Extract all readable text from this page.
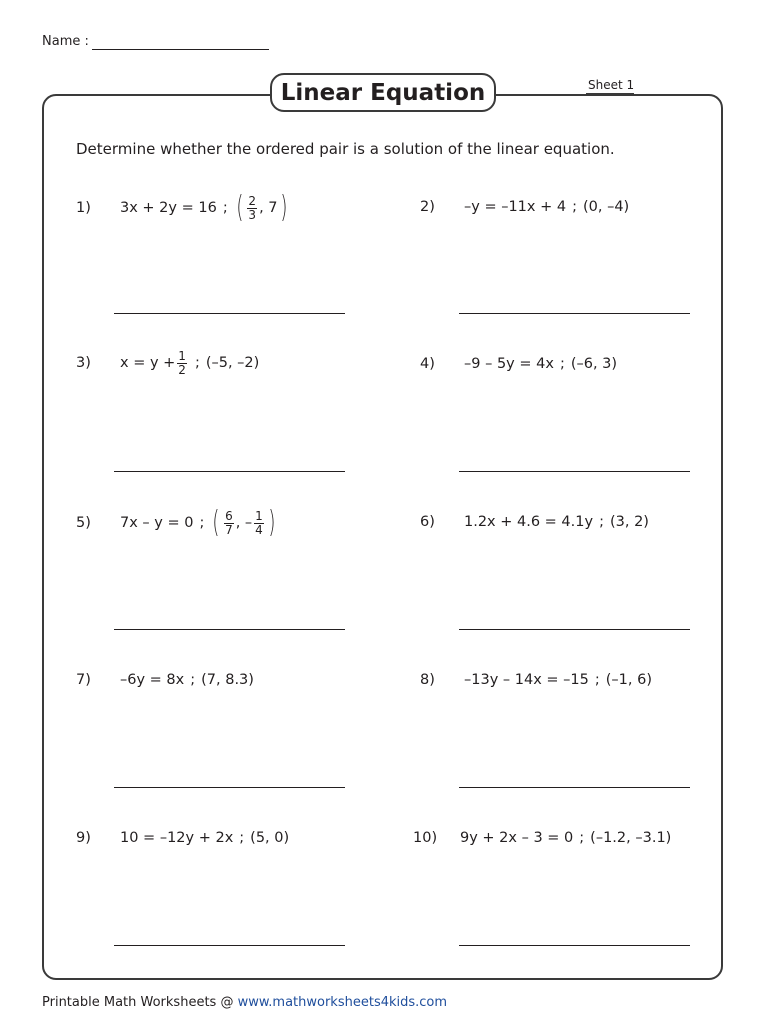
Name :
Linear Equation	Sheet 1
Determine whether the ordered pair is a solution of the linear equation.
1)	3x + 2y = 16 ; ( $\frac{2}{3}$ , 7 )	2)	–y = –11x + 4 ; (0, –4)
3)	$x = y + \frac{1}{2}$ ; (–5, –2)	4)	–9 – 5y = 4x ; (–6, 3)
5)	7x – y = 0 ; ( $\frac{6}{7}$ , – $\frac{1}{4}$ )	6)	1.2x + 4.6 = 4.1y ; (3, 2)
7)	–6y = 8x ; (7, 8.3)	8)	–13y – 14x = –15 ; (–1, 6)
9)	10 = –12y + 2x ; (5, 0)	10)	9y + 2x – 3 = 0 ; (–1.2, –3.1)
Printable Math Worksheets @ www.mathworksheets4kids.com
